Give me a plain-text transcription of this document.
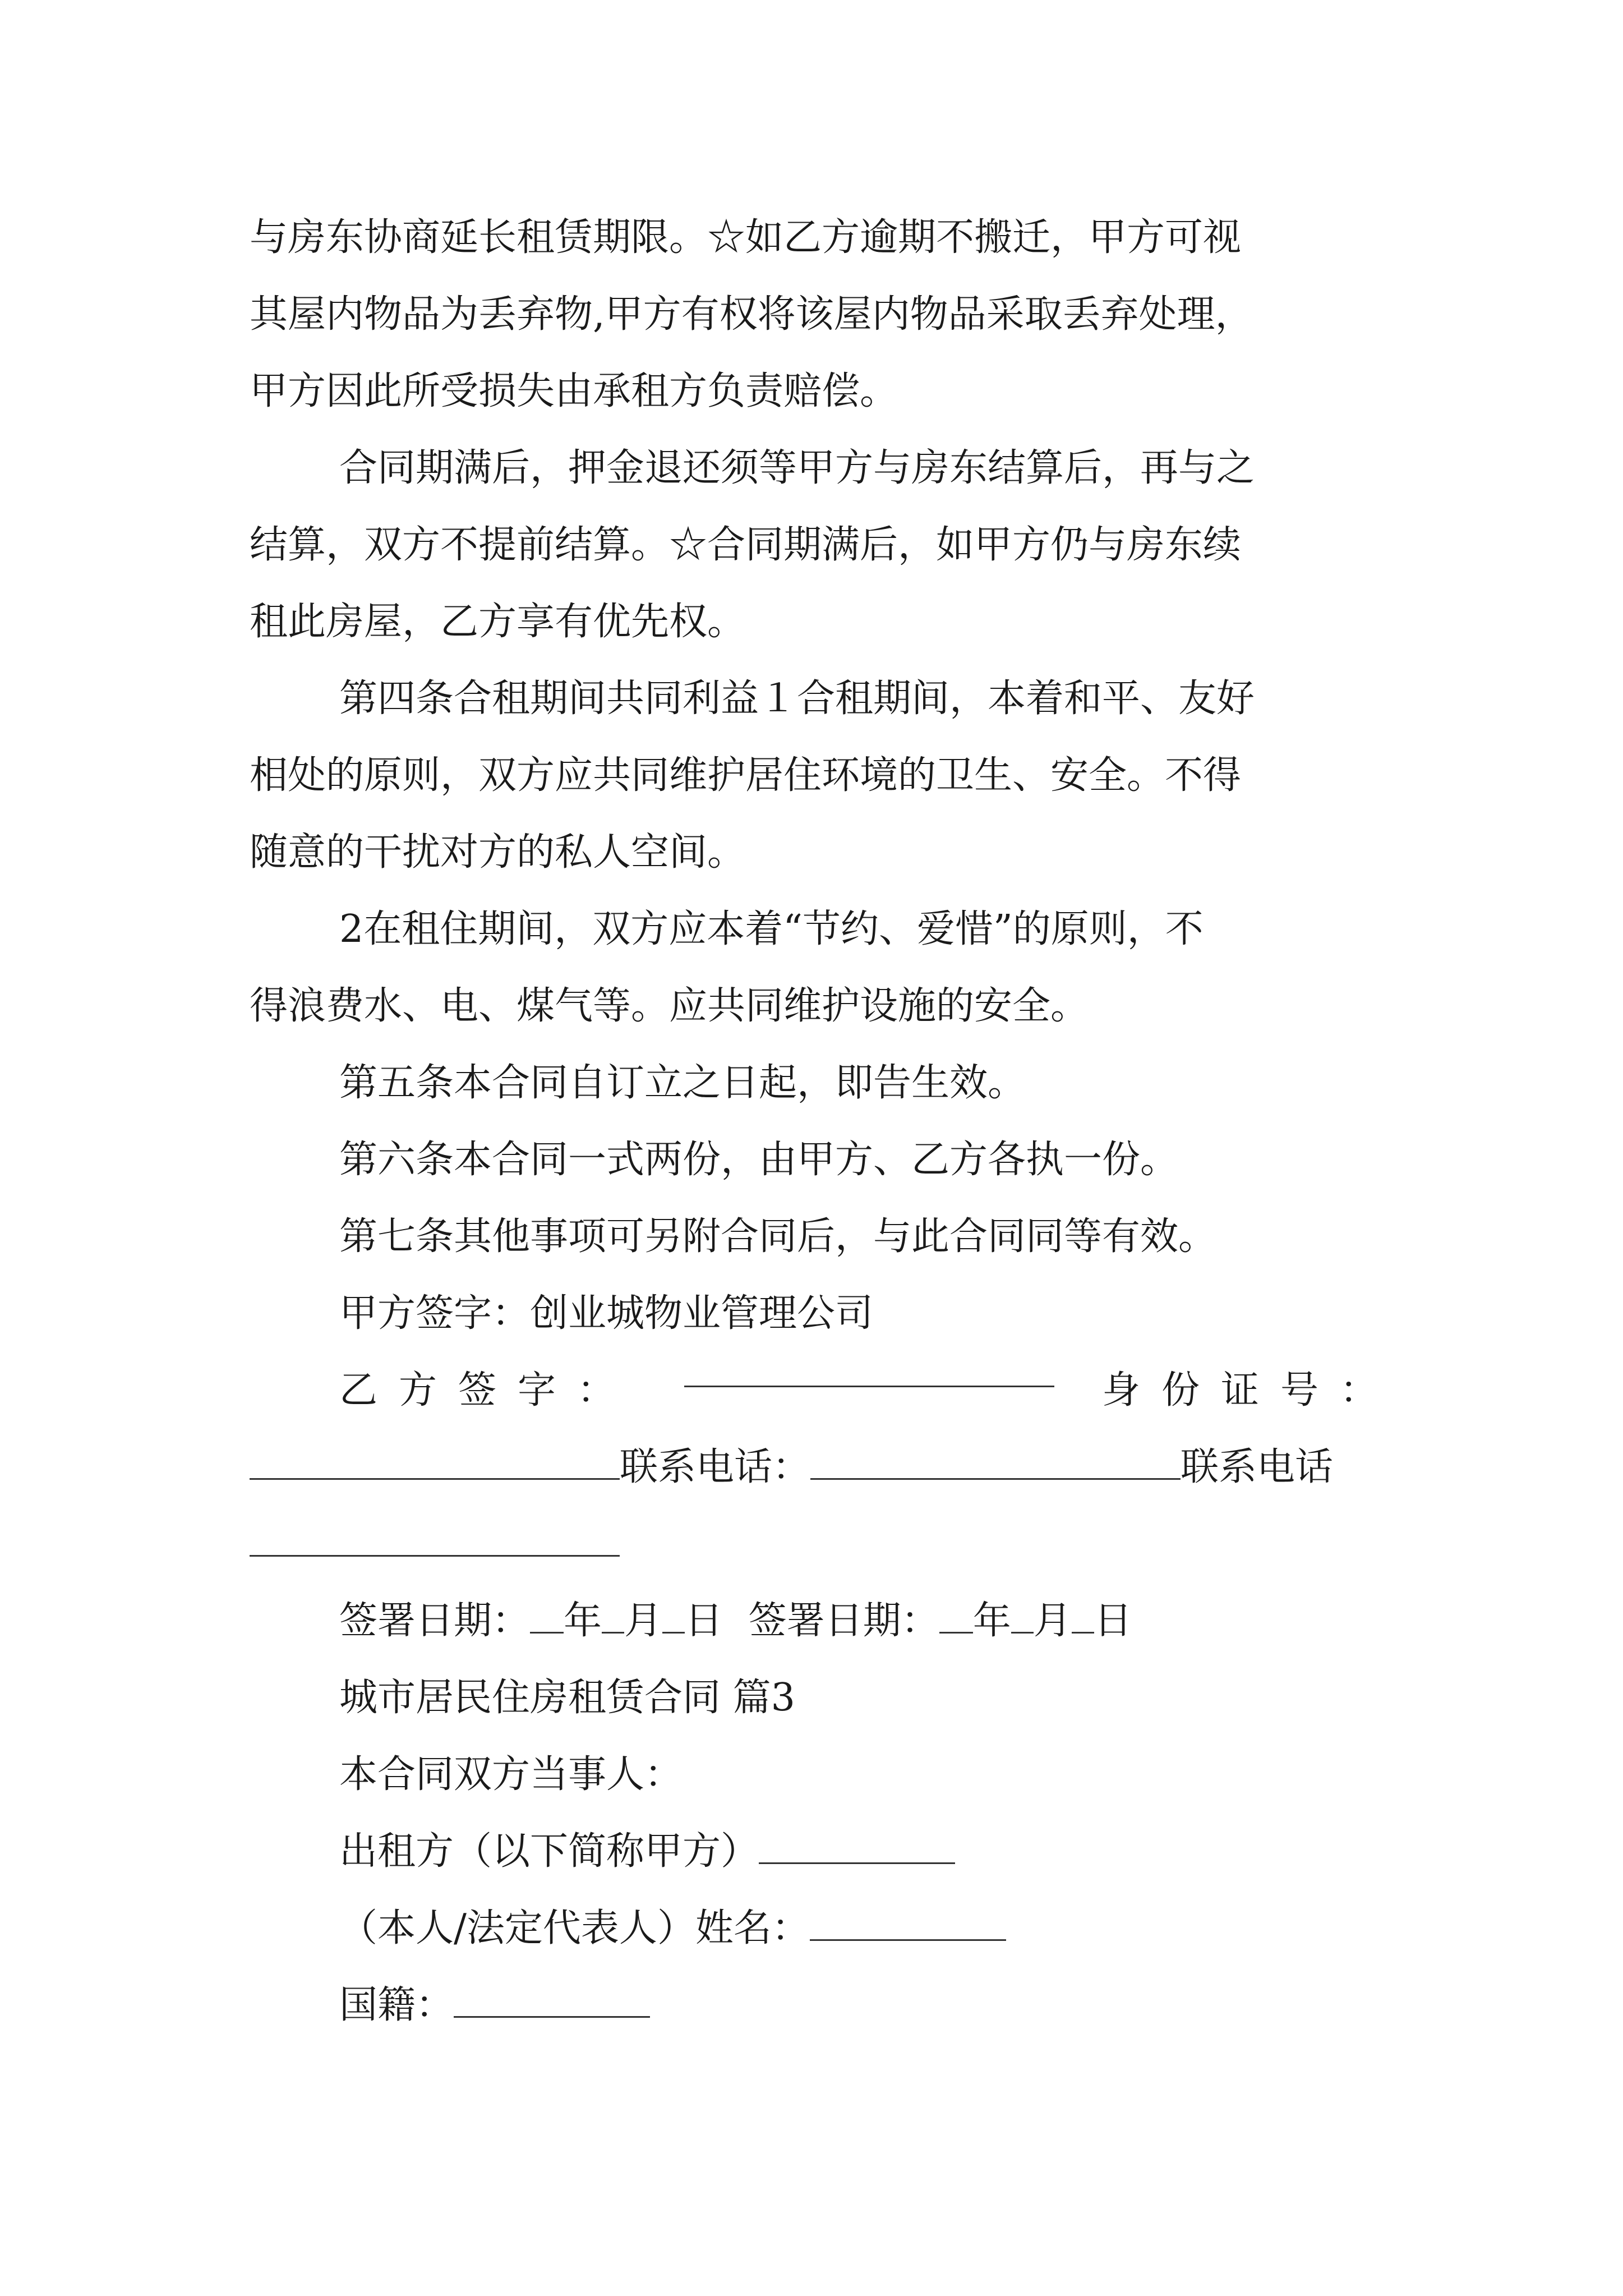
与房东协商延长租赁期限。☆如乙方逾期不搬迁，甲方可视
其屋内物品为丢弃物,甲方有权将该屋内物品采取丢弃处理，
甲方因此所受损失由承租方负责赔偿。

合同期满后，押金退还须等甲方与房东结算后，再与之
结算，双方不提前结算。☆合同期满后，如甲方仍与房东续
租此房屋，乙方享有优先权。

第四条合租期间共同利益１合租期间，本着和平、友好
相处的原则，双方应共同维护居住环境的卫生、安全。不得
随意的干扰对方的私人空间。

2在租住期间，双方应本着“节约、爱惜”的原则，不
得浪费水、电、煤气等。应共同维护设施的安全。

第五条本合同自订立之日起，即告生效。

第六条本合同一式两份，由甲方、乙方各执一份。

第七条其他事项可另附合同后，与此合同同等有效。

甲方签字：创业城物业管理公司

乙方签字：	身份证号：
联系电话：	联系电话
签署日期： 年 月 日 签署日期： 年 月 日
城市居民住房租赁合同 篇3
本合同双方当事人：
出租方（以下简称甲方）
（本人/法定代表人）姓名：
国籍：
